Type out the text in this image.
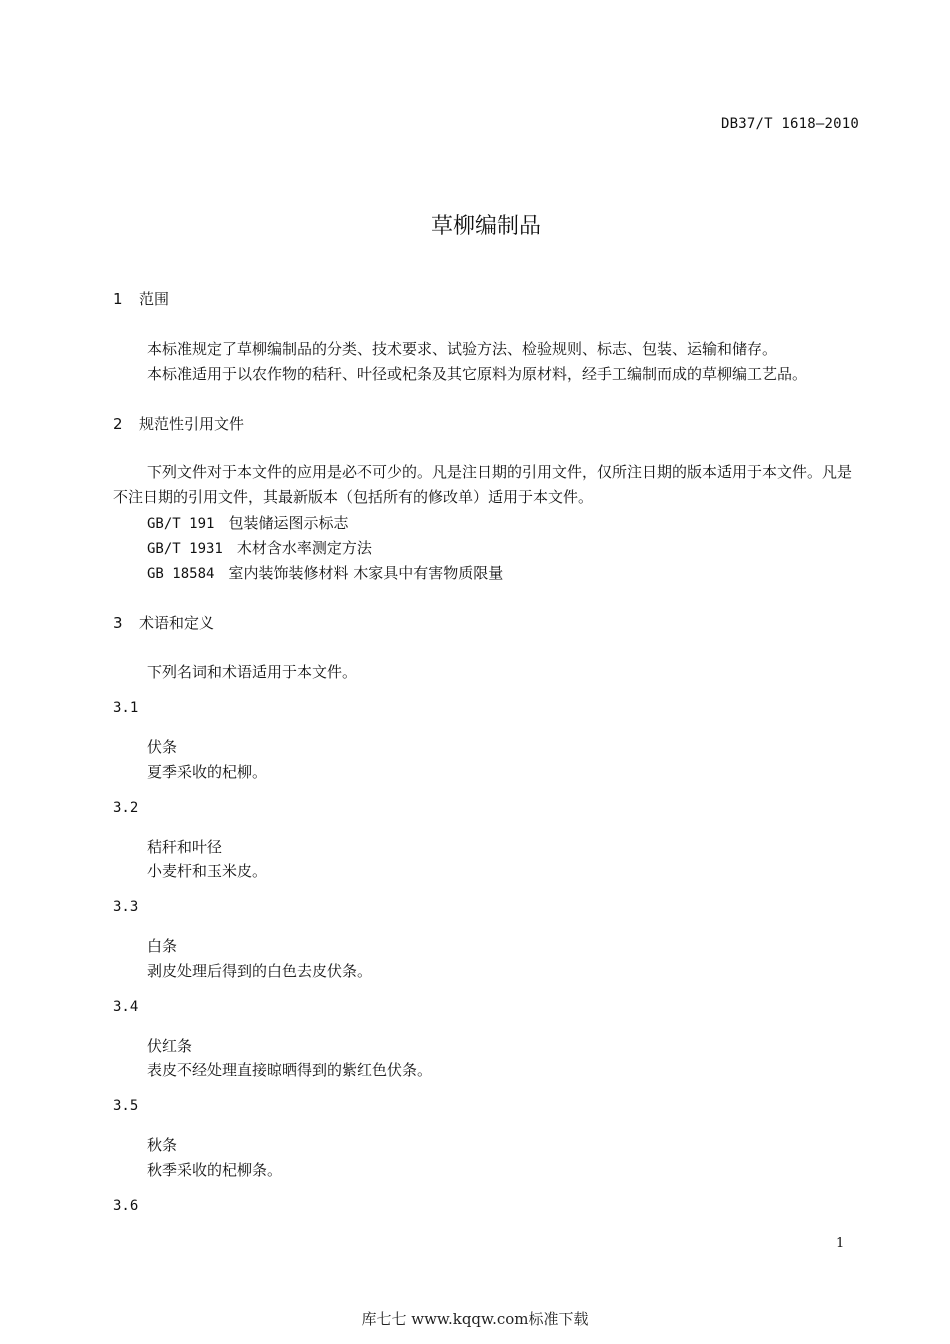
DB37/T 1618—2010
草柳编制品
1 范围
本标准规定了草柳编制品的分类、技术要求、试验方法、检验规则、标志、包装、运输和储存。
本标准适用于以农作物的秸秆、叶径或杞条及其它原料为原材料，经手工编制而成的草柳编工艺品。
2 规范性引用文件
下列文件对于本文件的应用是必不可少的。凡是注日期的引用文件，仅所注日期的版本适用于本文件。凡是不注日期的引用文件，其最新版本（包括所有的修改单）适用于本文件。
GB/T 191 包装储运图示标志
GB/T 1931 木材含水率测定方法
GB 18584 室内装饰装修材料 木家具中有害物质限量
3 术语和定义
下列名词和术语适用于本文件。
3.1
伏条
夏季采收的杞柳。
3.2
秸秆和叶径
小麦杆和玉米皮。
3.3
白条
剥皮处理后得到的白色去皮伏条。
3.4
伏红条
表皮不经处理直接晾晒得到的紫红色伏条。
3.5
秋条
秋季采收的杞柳条。
3.6
1
库七七 www.kqqw.com标准下载
